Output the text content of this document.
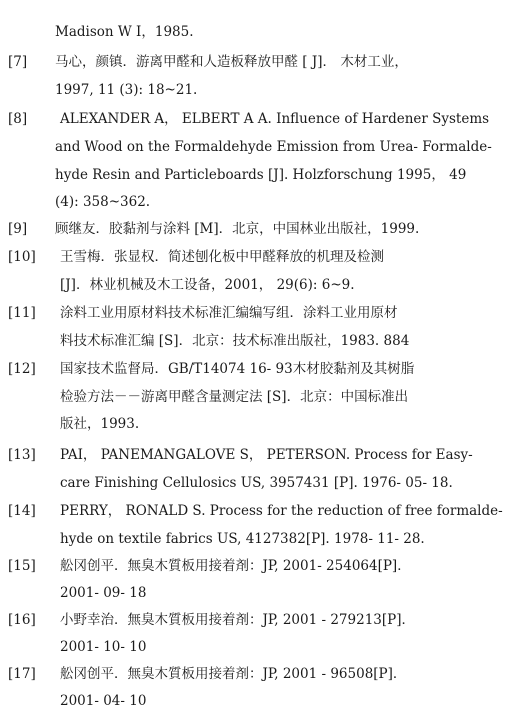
Madison W I，1985.
[7] 马心，颜镇．游离甲醛和人造板释放甲醛 [ J]． 木材工业，
1997, 11 (3): 18~21.
[8] ALEXANDER A， ELBERT A A. Influence of Hardener Systems
and Wood on the Formaldehyde Emission from Urea- Formalde-
hyde Resin and Particleboards [J]. Holzforschung 1995， 49
(4): 358~362.
[9] 顾继友．胶黏剂与涂料 [M]．北京，中国林业出版社，1999.
[10] 王雪梅．张显权．简述刨化板中甲醛释放的机理及检测
[J]．林业机械及木工设备，2001， 29(6): 6~9.
[11] 涂料工业用原材料技术标准汇编编写组．涂料工业用原材
料技术标准汇编 [S]．北京：技术标准出版社，1983. 884
[12] 国家技术监督局．GB/T14074 16- 93木材胶黏剂及其树脂
检验方法－－游离甲醛含量测定法 [S]．北京：中国标准出
版社，1993.
[13] PAI， PANEMANGALOVE S， PETERSON. Process for Easy-
care Finishing Cellulosics US, 3957431 [P]. 1976- 05- 18.
[14] PERRY， RONALD S. Process for the reduction of free formalde-
hyde on textile fabrics US, 4127382[P]. 1978- 11- 28.
[15] 舩冈创平．無臭木質板用接着剤：JP, 2001- 254064[P]．
2001- 09- 18
[16] 小野幸治．無臭木質板用接着剤：JP, 2001 - 279213[P]．
2001- 10- 10
[17] 舩冈创平．無臭木質板用接着剤：JP, 2001 - 96508[P]．
2001- 04- 10
